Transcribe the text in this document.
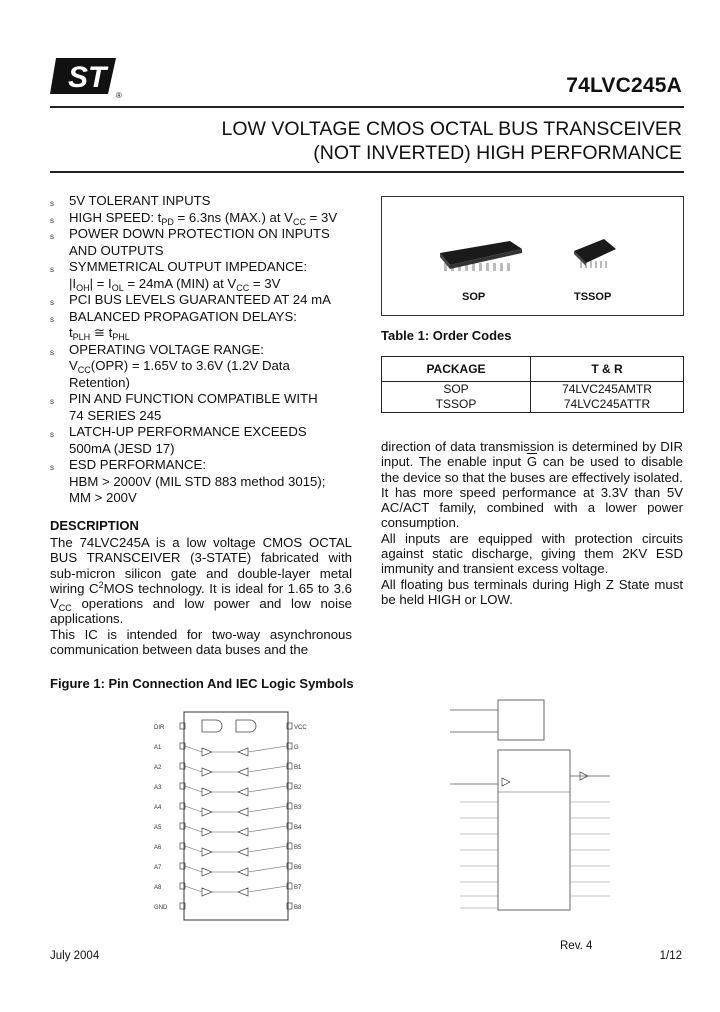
ST
®	74LVC245A
LOW VOLTAGE CMOS OCTAL BUS TRANSCEIVER
(NOT INVERTED) HIGH PERFORMANCE
s 5V TOLERANT INPUTS
s HIGH SPEED: $t_{PD} = 6.3ns$ (MAX.) at $V_{CC} = 3V$
s POWER DOWN PROTECTION ON INPUTS
AND OUTPUTS
s SYMMETRICAL OUTPUT IMPEDANCE:
$|I_{OH}| = I_{OL} = 24mA$ (MIN) at $V_{CC} = 3V$
s PCI BUS LEVELS GUARANTEED AT 24 mA
s BALANCED PROPAGATION DELAYS:
$t_{PLH}$ ≅ $t_{PHL}$
s OPERATING VOLTAGE RANGE:
$V_{CC}(OPR) = 1.65V$ to 3.6V (1.2V Data
Retention)
s PIN AND FUNCTION COMPATIBLE WITH
74 SERIES 245
s LATCH-UP PERFORMANCE EXCEEDS
500mA (JESD 17)
s ESD PERFORMANCE:
HBM > 2000V (MIL STD 883 method 3015);
MM > 200V
SOP	TSSOP
Table 1: Order Codes
PACKAGE	T & R
SOP	74LVC245AMTR
TSSOP	74LVC245ATTR
DESCRIPTION
The 74LVC245A is a low voltage CMOS OCTAL BUS TRANSCEIVER (3-STATE) fabricated with sub-micron silicon gate and double-layer metal wiring $C^2MOS$ technology. It is ideal for 1.65 to 3.6 $V_{CC}$ operations and low power and low noise applications.
This IC is intended for two-way asynchronous communication between data buses and the
direction of data transmission is determined by DIR input. The enable input $\overline{G}$ can be used to disable the device so that the buses are effectively isolated.
It has more speed performance at 3.3V than 5V AC/ACT family, combined with a lower power consumption.
All inputs are equipped with protection circuits against static discharge, giving them 2KV ESD immunity and transient excess voltage.
All floating bus terminals during High Z State must be held HIGH or LOW.
Figure 1: Pin Connection And IEC Logic Symbols
DIR	VCC
A1	G
A2	B1
A3	B2
A4	B3
A5	B4
A6	B5
A7	B6
A8	B7
GND	B8
Rev. 4
July 2004	1/12
